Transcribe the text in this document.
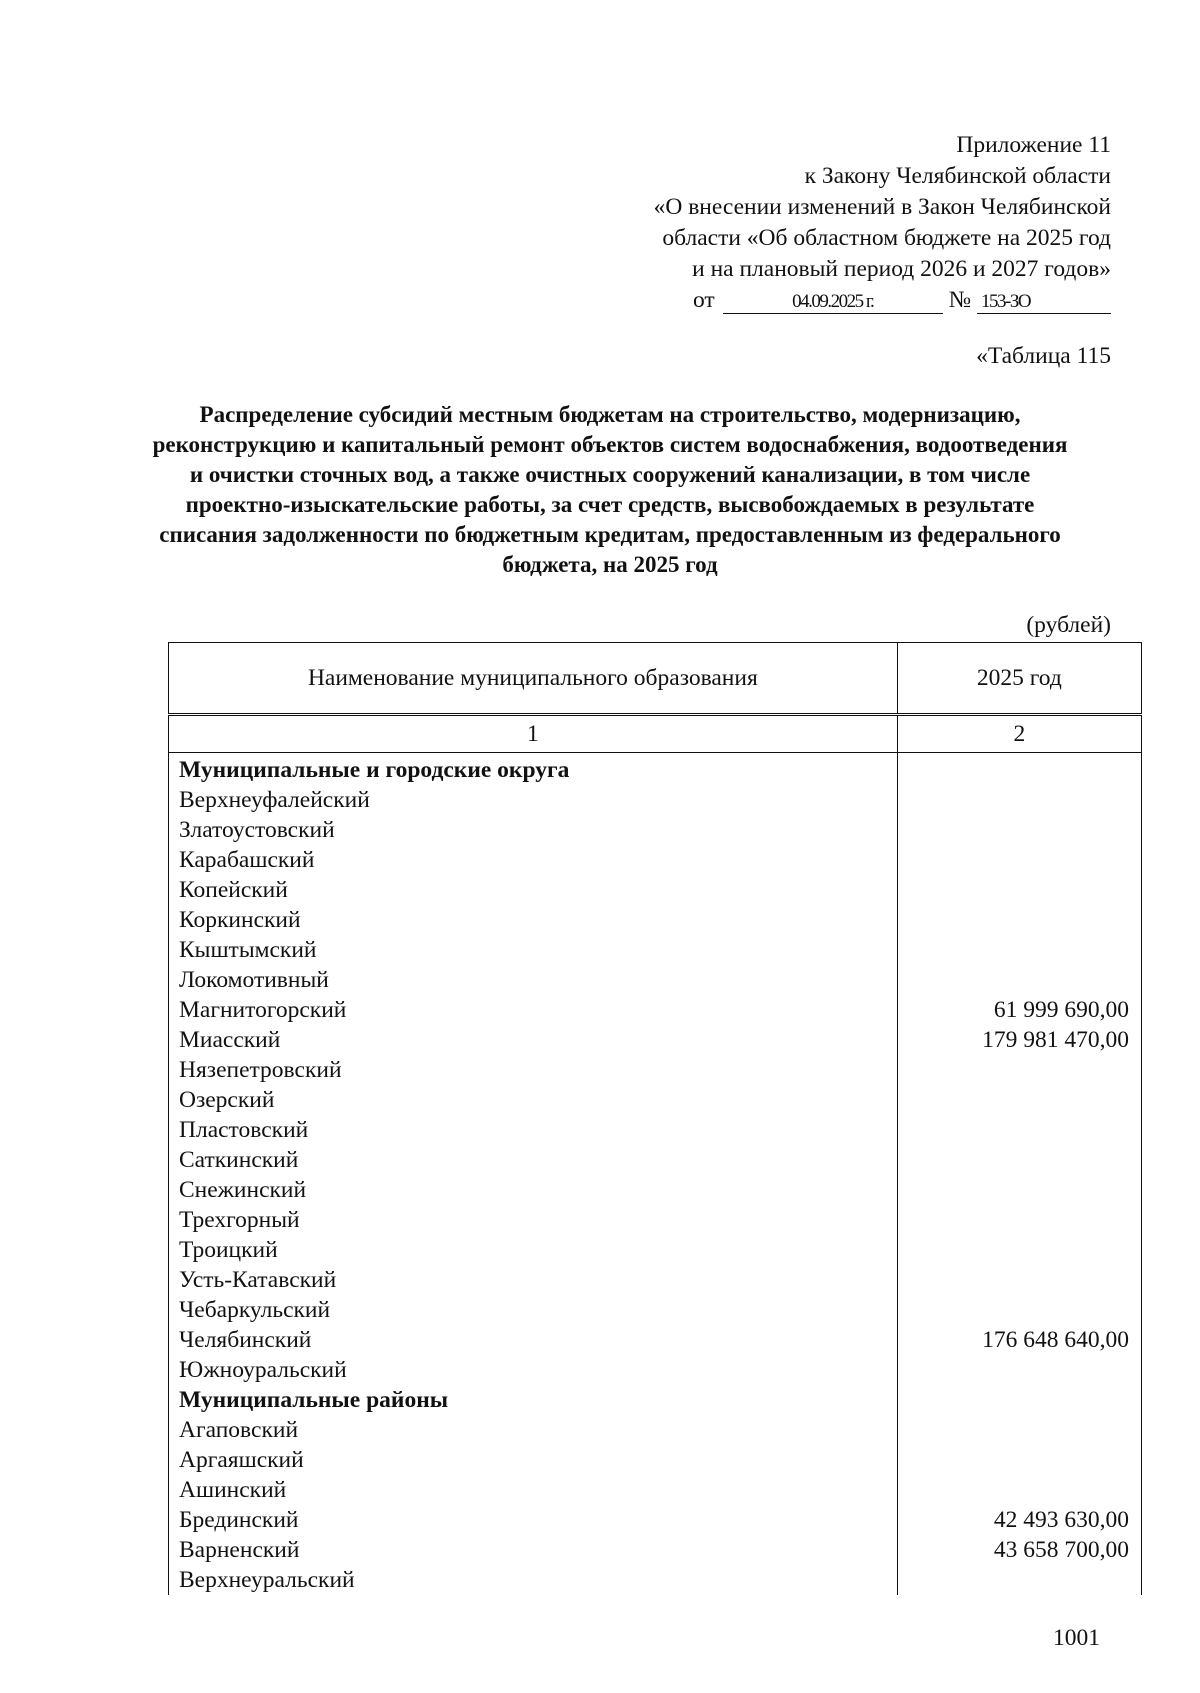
Приложение 11
к Закону Челябинской области
«О внесении изменений в Закон Челябинской
области «Об областном бюджете на 2025 год
и на плановый период 2026 и 2027 годов»
от	04.09.2025 г.	№ 153-ЗО
«Таблица 115
Распределение субсидий местным бюджетам на строительство, модернизацию, реконструкцию и капитальный ремонт объектов систем водоснабжения, водоотведения и очистки сточных вод, а также очистных сооружений канализации, в том числе проектно-изыскательские работы, за счет средств, высвобождаемых в результате списания задолженности по бюджетным кредитам, предоставленным из федерального бюджета, на 2025 год
(рублей)
Наименование муниципального образования	2025 год
1	2
Муниципальные и городские округа	
Верхнеуфалейский	
Златоустовский	
Карабашский	
Копейский	
Коркинский	
Кыштымский	
Локомотивный	
Магнитогорский	61 999 690,00
Миасский	179 981 470,00
Нязепетровский	
Озерский	
Пластовский	
Саткинский	
Снежинский	
Трехгорный	
Троицкий	
Усть-Катавский	
Чебаркульский	
Челябинский	176 648 640,00
Южноуральский	
Муниципальные районы	
Агаповский	
Аргаяшский	
Ашинский	
Брединский	42 493 630,00
Варненский	43 658 700,00
Верхнеуральский	
1001
